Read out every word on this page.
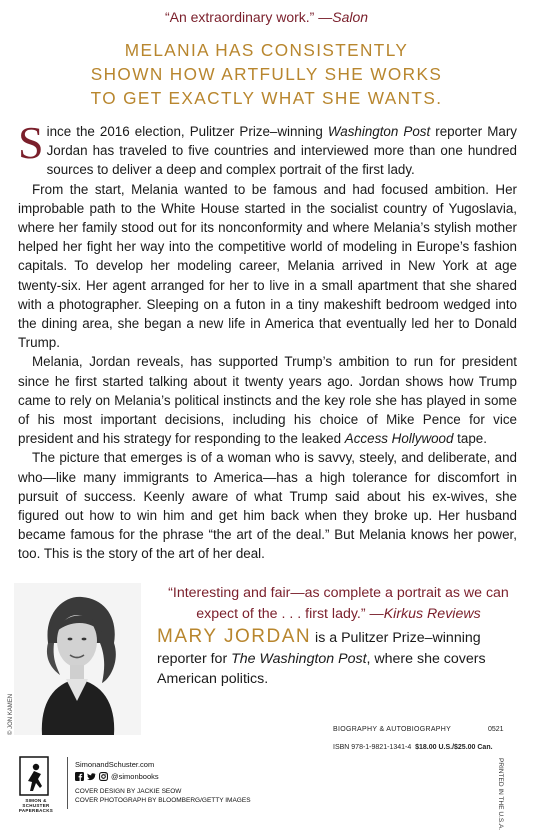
“An extraordinary work.” —Salon
MELANIA HAS CONSISTENTLY
SHOWN HOW ARTFULLY SHE WORKS
TO GET EXACTLY WHAT SHE WANTS.

Since the 2016 election, Pulitzer Prize–winning Washington Post reporter Mary Jordan has traveled to five countries and interviewed more than one hundred sources to deliver a deep and complex portrait of the first lady.

From the start, Melania wanted to be famous and had focused ambition. Her improbable path to the White House started in the socialist country of Yugoslavia, where her family stood out for its nonconformity and where Melania’s stylish mother helped her fight her way into the competitive world of modeling in Europe’s fashion capitals. To develop her modeling career, Melania arrived in New York at age twenty-six. Her agent arranged for her to live in a small apartment that she shared with a photographer. Sleeping on a futon in a tiny makeshift bedroom wedged into the dining area, she began a new life in America that eventually led her to Donald Trump.

Melania, Jordan reveals, has supported Trump’s ambition to run for president since he first started talking about it twenty years ago. Jordan shows how Trump came to rely on Melania’s political instincts and the key role she has played in some of his most important decisions, including his choice of Mike Pence for vice president and his strategy for responding to the leaked Access Hollywood tape.

The picture that emerges is of a woman who is savvy, steely, and deliberate, and who—like many immigrants to America—has a high tolerance for discomfort in pursuit of success. Keenly aware of what Trump said about his ex-wives, she figured out how to win him and get him back when they broke up. Her husband became famous for the phrase “the art of the deal.” But Melania knows her power, too. This is the story of the art of her deal.

© JON KAMEN
“Interesting and fair—as complete a portrait as we can expect of the . . . first lady.” —Kirkus Reviews
MARY JORDAN is a Pulitzer Prize–winning reporter for The Washington Post, where she covers American politics.
BIOGRAPHY & AUTOBIOGRAPHY	0521
ISBN 978-1-9821-1341-4 $18.00 U.S./$25.00 Can.
PRINTED IN THE U.S.A.
SIMON &
SCHUSTER
PAPERBACKS
SimonandSchuster.com
@simonbooks
COVER DESIGN BY JACKIE SEOW
COVER PHOTOGRAPH BY BLOOMBERG/GETTY IMAGES
